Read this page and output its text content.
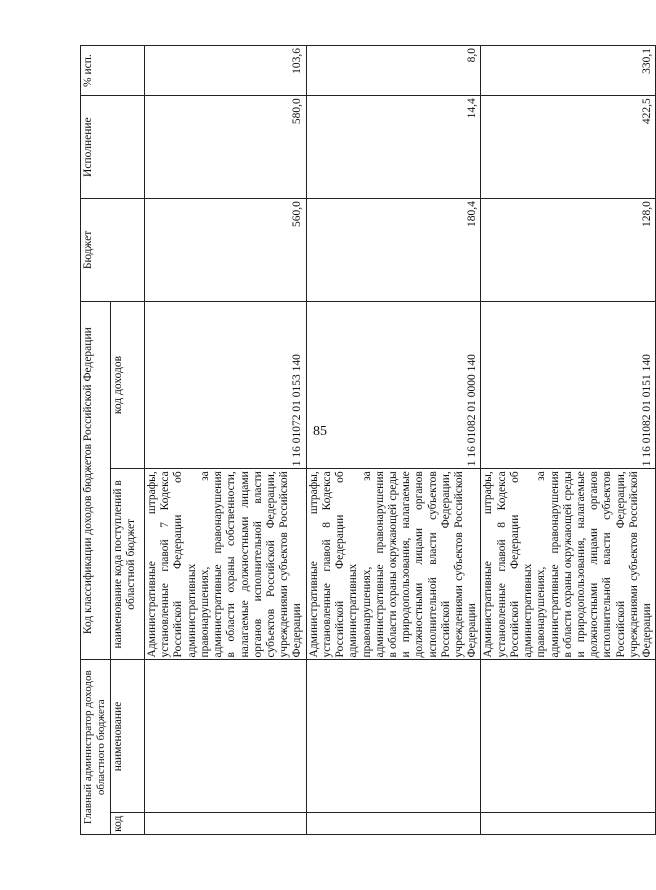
85
Главный администратор доходов областного бюджета		Код классификации доходов бюджетов Российской Федерации		Бюджет	Исполнение	% исп.
код	наименование	наименование кода поступлений в областной бюджет	код доходов			
		Административные штрафы, установленные главой 7 Кодекса Российской Федерации об административных правонарушениях, за административные правонарушения в области охраны собственности, налагаемые должностными лицами органов исполнительной власти субъектов Российской Федерации, учреждениями субъектов Российской Федерации	1 16 01072 01 0153 140	560,0	580,0	103,6
		Административные штрафы, установленные главой 8 Кодекса Российской Федерации об административных правонарушениях, за административные правонарушения в области охраны окружающей среды и природопользования, налагаемые должностными лицами органов исполнительной власти субъектов Российской Федерации, учреждениями субъектов Российской Федерации	1 16 01082 01 0000 140	180,4	14,4	8,0
		Административные штрафы, установленные главой 8 Кодекса Российской Федерации об административных правонарушениях, за административные правонарушения в области охраны окружающей среды и природопользования, налагаемые должностными лицами органов исполнительной власти субъектов Российской Федерации, учреждениями субъектов Российской Федерации	1 16 01082 01 0151 140	128,0	422,5	330,1
